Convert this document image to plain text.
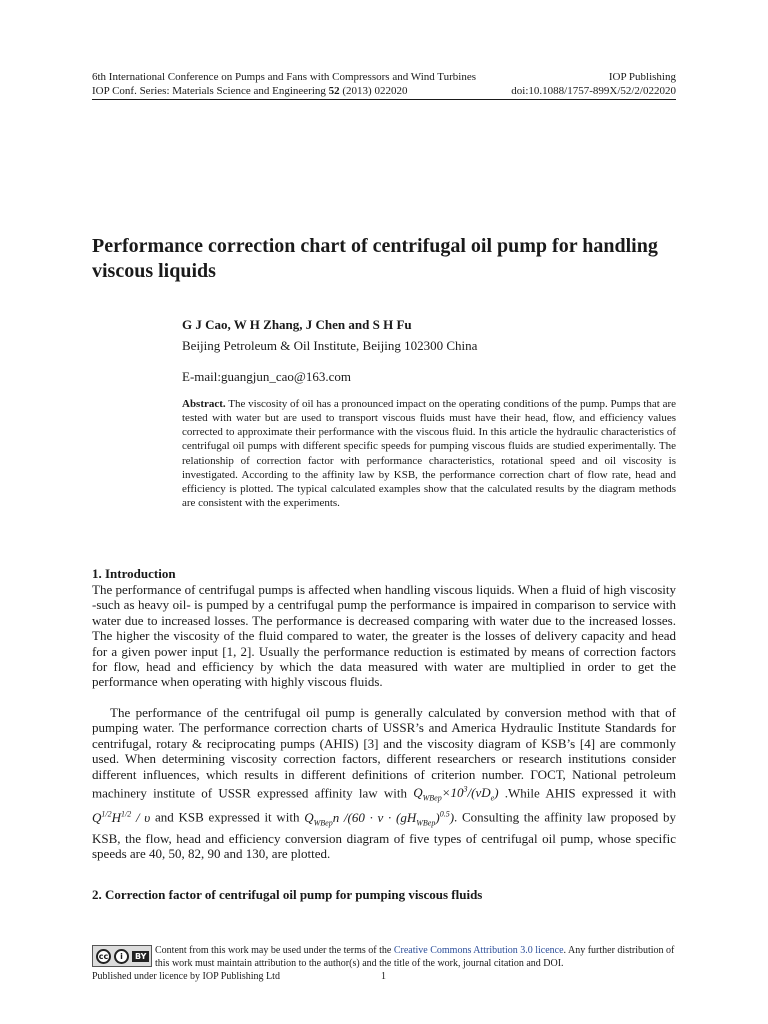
6th International Conference on Pumps and Fans with Compressors and Wind Turbines	IOP Publishing
IOP Conf. Series: Materials Science and Engineering 52 (2013) 022020	doi:10.1088/1757-899X/52/2/022020
Performance correction chart of centrifugal oil pump for handling viscous liquids
G J Cao, W H Zhang, J Chen and S H Fu
Beijing Petroleum & Oil Institute, Beijing 102300 China
E-mail:guangjun_cao@163.com

Abstract. The viscosity of oil has a pronounced impact on the operating conditions of the pump. Pumps that are tested with water but are used to transport viscous fluids must have their head, flow, and efficiency values corrected to approximate their performance with the viscous fluid. In this article the hydraulic characteristics of centrifugal oil pumps with different specific speeds for pumping viscous fluids are studied experimentally. The relationship of correction factor with performance characteristics, rotational speed and oil viscosity is investigated. According to the affinity law by KSB, the performance correction chart of flow rate, head and efficiency is plotted. The typical calculated examples show that the calculated results by the diagram methods are consistent with the experiments.

1. Introduction

The performance of centrifugal pumps is affected when handling viscous liquids. When a fluid of high viscosity -such as heavy oil- is pumped by a centrifugal pump the performance is impaired in comparison to service with water due to increased losses. The performance is decreased comparing with water due to the increased losses. The higher the viscosity of the fluid compared to water, the greater is the losses of delivery capacity and head for a given power input [1, 2]. Usually the performance reduction is estimated by means of correction factors for flow, head and efficiency by which the data measured with water are multiplied in order to get the performance when operating with highly viscous fluids.

The performance of the centrifugal oil pump is generally calculated by conversion method with that of pumping water. The performance correction charts of USSR’s and America Hydraulic Institute Standards for centrifugal, rotary & reciprocating pumps (AHIS) [3] and the viscosity diagram of KSB’s [4] are commonly used. When determining viscosity correction factors, different researchers or research institutions consider different influences, which results in different definitions of criterion number. ГОСТ, National petroleum machinery institute of USSR expressed affinity law with $Q_{WBep}\times 10^3/(\nu D_e)$ .While AHIS expressed it with $Q^{1/2}H^{1/2}$ / υ and KSB expressed it with $Q_{WBep}n$ $/(60 \cdot \nu \cdot (gH_{WBep})^{0.5})$. Consulting the affinity law proposed by KSB, the flow, head and efficiency conversion diagram of five types of centrifugal oil pump, whose specific speeds are 40, 50, 82, 90 and 130, are plotted.

2. Correction factor of centrifugal oil pump for pumping viscous fluids
cc	i	BY Content from this work may be used under the terms of the Creative Commons Attribution 3.0 licence. Any further distribution of this work must maintain attribution to the author(s) and the title of the work, journal citation and DOI.

Published under licence by IOP Publishing Ltd	1
